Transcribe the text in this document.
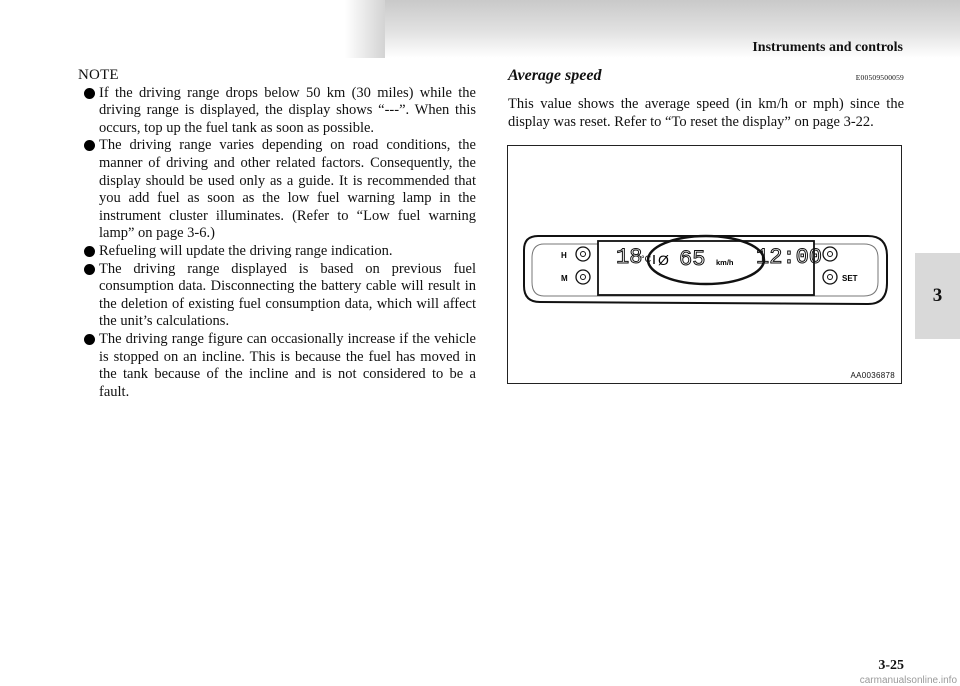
Instruments and controls
3
NOTE
If the driving range drops below 50 km (30 miles) while the driving range is displayed, the display shows “---”. When this occurs, top up the fuel tank as soon as possible.
The driving range varies depending on road conditions, the manner of driving and other related factors. Consequently, the display should be used only as a guide. It is recommended that you add fuel as soon as the low fuel warning lamp in the instrument cluster illuminates. (Refer to “Low fuel warning lamp” on page 3-6.)
Refueling will update the driving range indication.
The driving range displayed is based on previous fuel consumption data. Disconnecting the battery cable will result in the deletion of existing fuel consumption data, which will affect the unit’s calculations.
The driving range figure can occasionally increase if the vehicle is stopped on an incline. This is because the fuel has moved in the tank because of the incline and is not considered to be a fault.
Average speed	E00509500059
This value shows the average speed (in km/h or mph) since the display was reset. Refer to “To reset the display” on page 3-22.
H
M	SET
18
°C Ø 65 km/h 12:00
AA0036878
3-25
carmanualsonline.info
